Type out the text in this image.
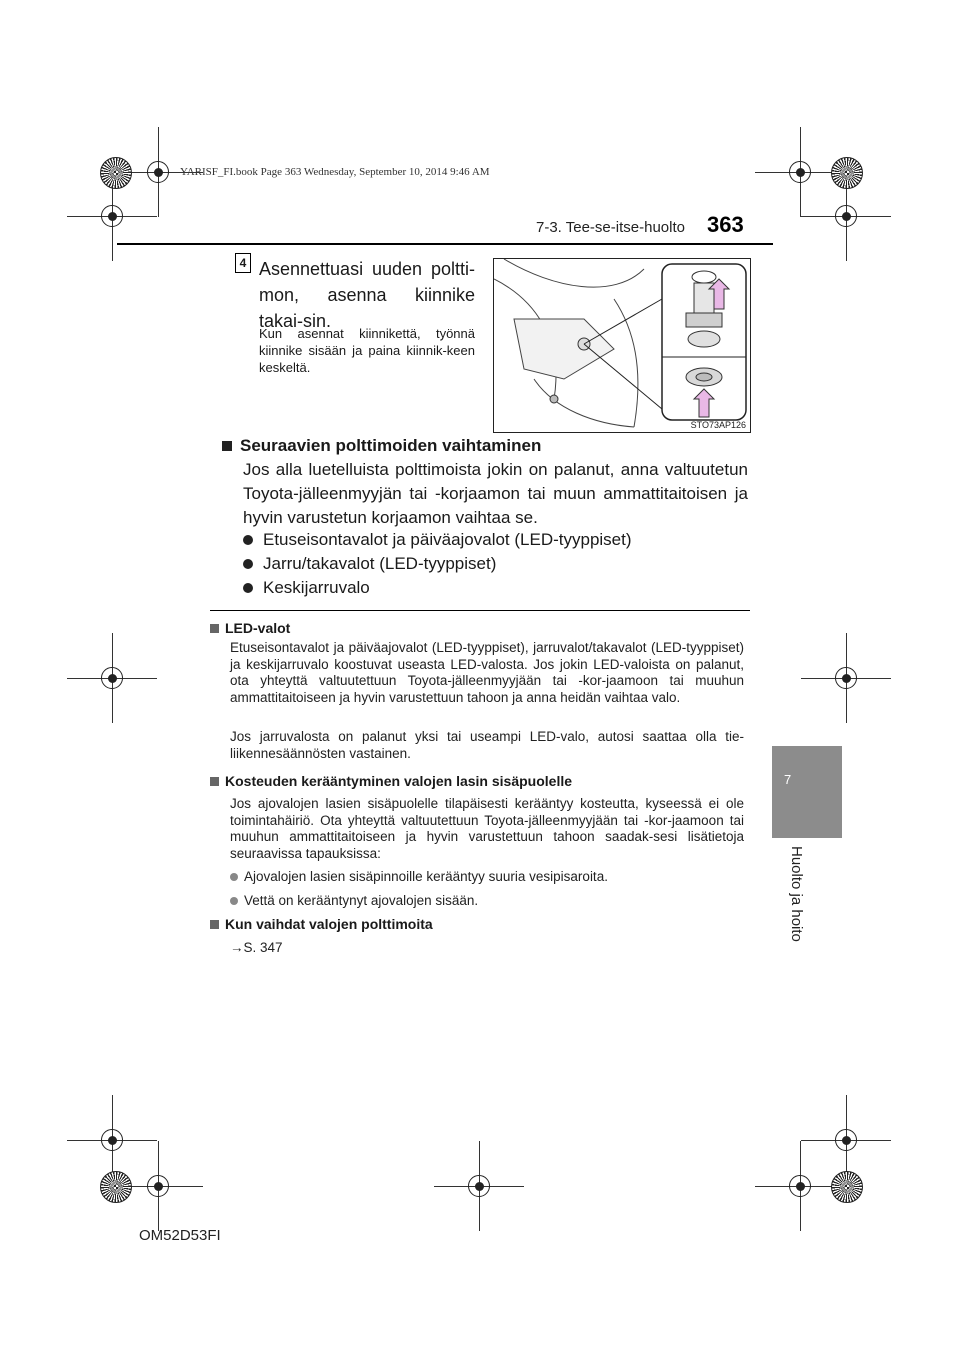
YARISF_FI.book Page 363 Wednesday, September 10, 2014 9:46 AM
7-3. Tee-se-itse-huolto 363
7
Huolto ja hoito
4 Asennettuasi uuden poltti-mon, asenna kiinnike takai-sin.
Kun asennat kiinnikettä, työnnä kiinnike sisään ja paina kiinnik-keen keskeltä.
STO73AP126
Seuraavien polttimoiden vaihtaminen
Jos alla luetelluista polttimoista jokin on palanut, anna valtuutetun Toyota-jälleenmyyjän tai -korjaamon tai muun ammattitaitoisen ja hyvin varustetun korjaamon vaihtaa se.
Etuseisontavalot ja päiväajovalot (LED-tyyppiset)
Jarru/takavalot (LED-tyyppiset)
Keskijarruvalo
LED-valot
Etuseisontavalot ja päiväajovalot (LED-tyyppiset), jarruvalot/takavalot (LED-tyyppiset) ja keskijarruvalo koostuvat useasta LED-valosta. Jos jokin LED-valoista on palanut, ota yhteyttä valtuutettuun Toyota-jälleenmyyjään tai -kor-jaamoon tai muuhun ammattitaitoiseen ja hyvin varustettuun tahoon ja anna heidän vaihtaa valo.
Jos jarruvalosta on palanut yksi tai useampi LED-valo, autosi saattaa olla tie-liikennesäännösten vastainen.
Kosteuden kerääntyminen valojen lasin sisäpuolelle
Jos ajovalojen lasien sisäpuolelle tilapäisesti kerääntyy kosteutta, kyseessä ei ole toimintahäiriö. Ota yhteyttä valtuutettuun Toyota-jälleenmyyjään tai -kor-jaamoon tai muuhun ammattitaitoiseen ja hyvin varustettuun tahoon saadak-sesi lisätietoja seuraavissa tapauksissa:
Ajovalojen lasien sisäpinnoille kerääntyy suuria vesipisaroita.
Vettä on kerääntynyt ajovalojen sisään.
Kun vaihdat valojen polttimoita
→S. 347
OM52D53FI
